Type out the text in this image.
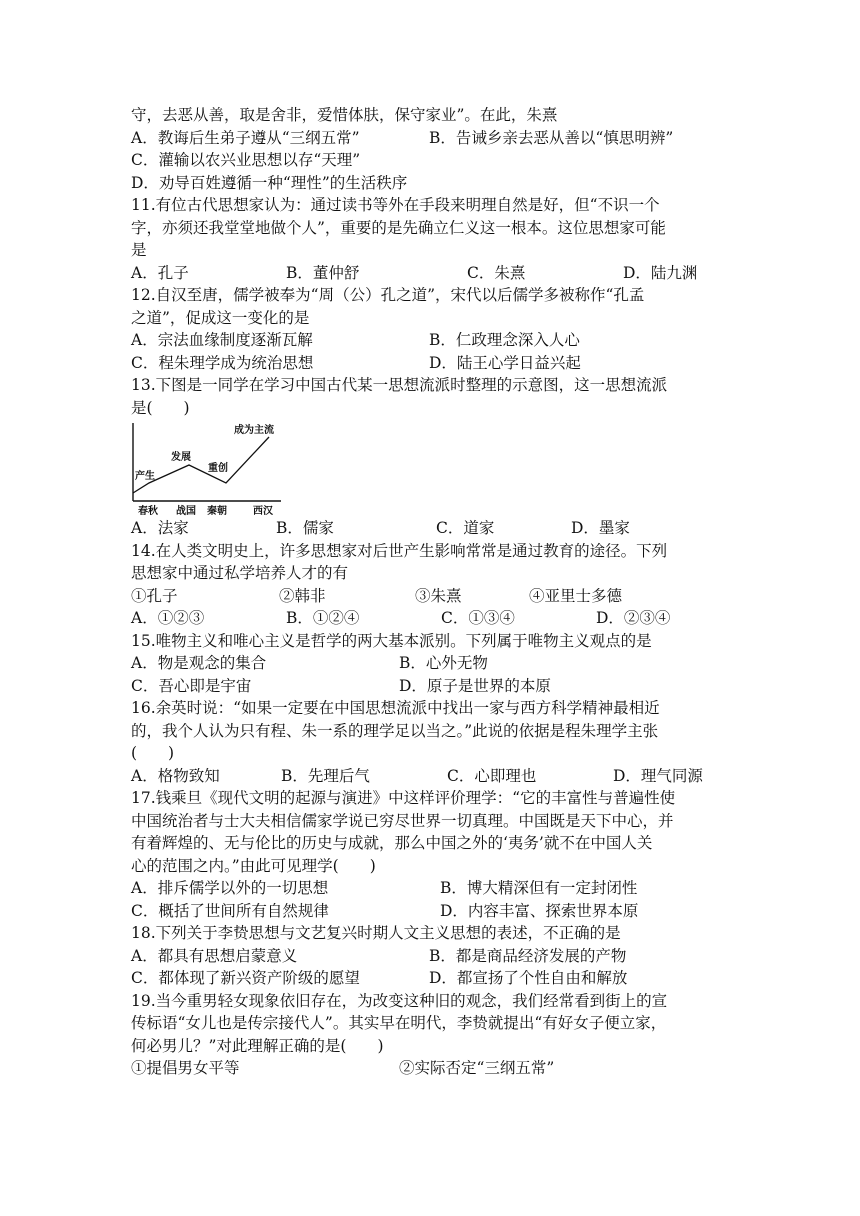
守，去恶从善，取是舍非，爱惜体肤，保守家业”。在此，朱熹
A．教诲后生弟子遵从“三纲五常”	B．告诫乡亲去恶从善以“慎思明辨”
C．灌输以农兴业思想以存“天理”
D．劝导百姓遵循一种“理性”的生活秩序
11.有位古代思想家认为：通过读书等外在手段来明理自然是好，但“不识一个
字，亦须还我堂堂地做个人”，重要的是先确立仁义这一根本。这位思想家可能
是
A．孔子	B．董仲舒	C．朱熹	D．陆九渊
12.自汉至唐，儒学被奉为“周（公）孔之道”，宋代以后儒学多被称作“孔孟
之道”，促成这一变化的是
A．宗法血缘制度逐渐瓦解	B．仁政理念深入人心
C．程朱理学成为统治思想	D．陆王心学日益兴起
13.下图是一同学在学习中国古代某一思想流派时整理的示意图，这一思想流派
是(　　)
产生
发展
重创
成为主流
春秋 战国 秦朝	西汉
A．法家	B．儒家	C．道家	D．墨家
14.在人类文明史上，许多思想家对后世产生影响常常是通过教育的途径。下列
思想家中通过私学培养人才的有
①孔子	②韩非	③朱熹	④亚里士多德
A．①②③	B．①②④	C．①③④	D．②③④
15.唯物主义和唯心主义是哲学的两大基本派别。下列属于唯物主义观点的是
A．物是观念的集合	B．心外无物
C．吾心即是宇宙	D．原子是世界的本原
16.余英时说：“如果一定要在中国思想流派中找出一家与西方科学精神最相近
的，我个人认为只有程、朱一系的理学足以当之。”此说的依据是程朱理学主张
(　　)
A．格物致知	B．先理后气	C．心即理也	D．理气同源
17.钱乘旦《现代文明的起源与演进》中这样评价理学：“它的丰富性与普遍性使
中国统治者与士大夫相信儒家学说已穷尽世界一切真理。中国既是天下中心，并
有着辉煌的、无与伦比的历史与成就，那么中国之外的‘夷务’就不在中国人关
心的范围之内。”由此可见理学(　　)
A．排斥儒学以外的一切思想	B．博大精深但有一定封闭性
C．概括了世间所有自然规律	D．内容丰富、探索世界本原
18.下列关于李贽思想与文艺复兴时期人文主义思想的表述，不正确的是
A．都具有思想启蒙意义	B．都是商品经济发展的产物
C．都体现了新兴资产阶级的愿望	D．都宣扬了个性自由和解放
19.当今重男轻女现象依旧存在，为改变这种旧的观念，我们经常看到街上的宣
传标语“女儿也是传宗接代人”。其实早在明代，李贽就提出“有好女子便立家，
何必男儿？”对此理解正确的是(　　)
①提倡男女平等	②实际否定“三纲五常”
